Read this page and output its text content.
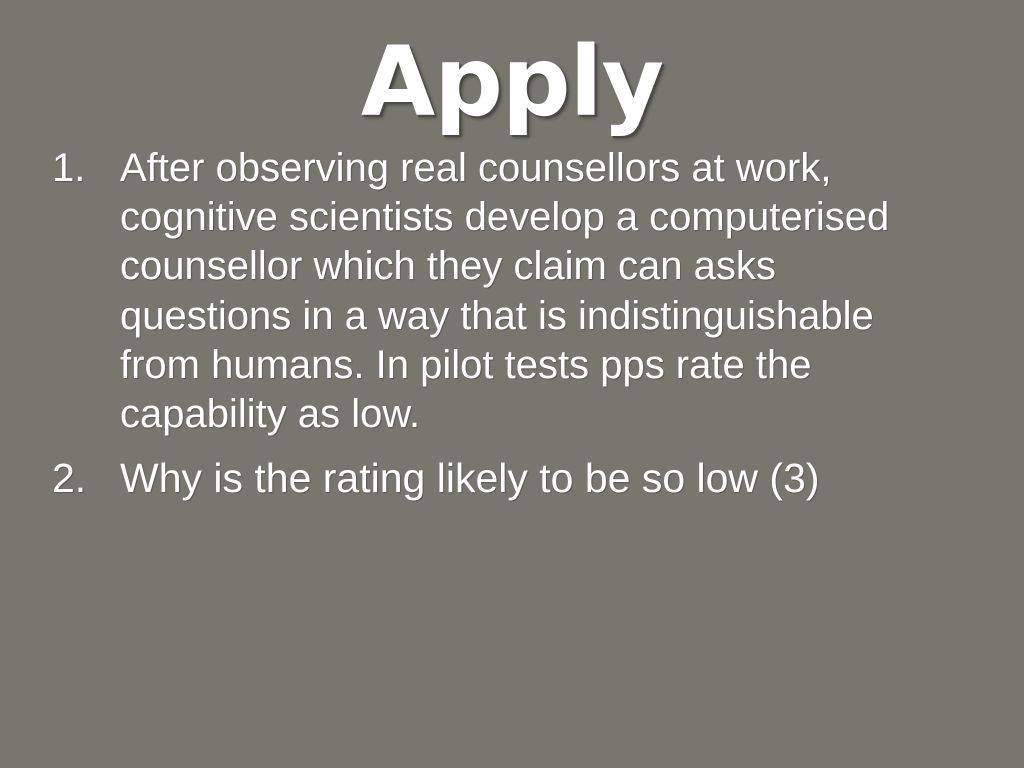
Apply
1. After observing real counsellors at work, cognitive scientists develop a computerised counsellor which they claim can asks questions in a way that is indistinguishable from humans. In pilot tests pps rate the capability as low.
2. Why is the rating likely to be so low (3)
